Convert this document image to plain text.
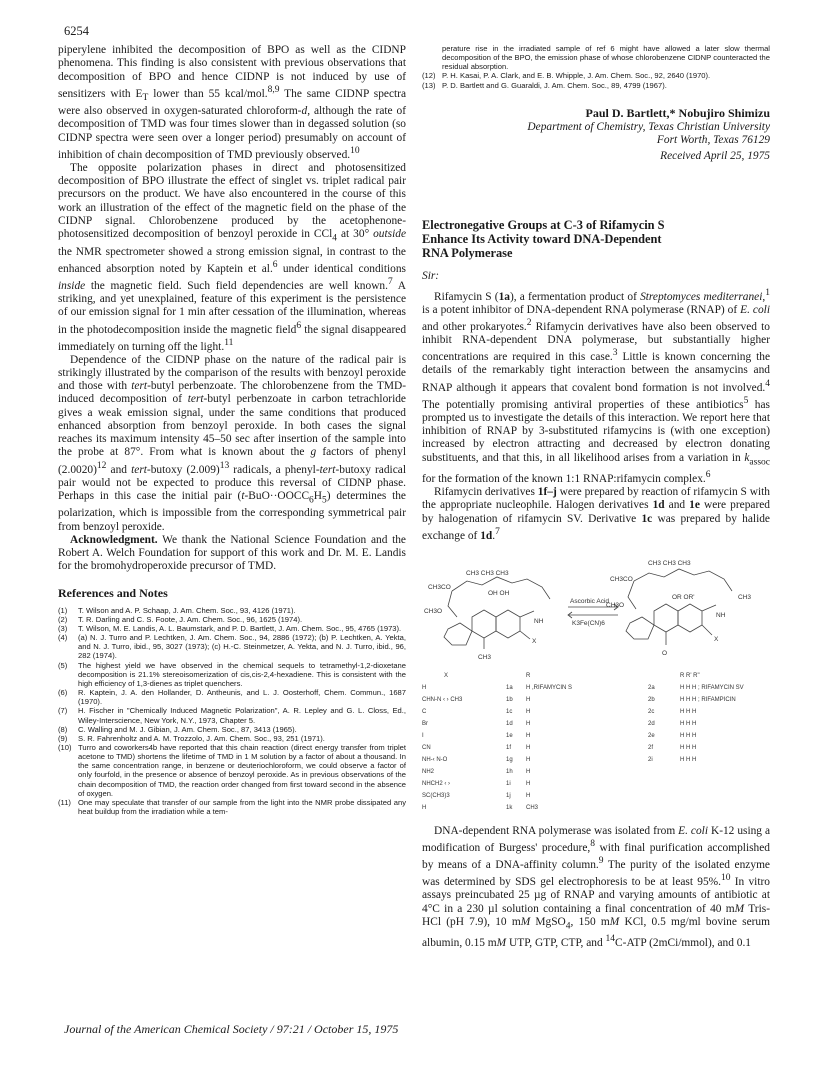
6254

piperylene inhibited the decomposition of BPO as well as the CIDNP phenomena. This finding is also consistent with previous observations that decomposition of BPO and hence CIDNP is not induced by use of sensitizers with $E_T$ lower than 55 kcal/mol.$^{8,9}$ The same CIDNP spectra were also observed in oxygen-saturated chloroform-d, although the rate of decomposition of TMD was four times slower than in degassed solution (so CIDNP spectra were seen over a longer period) presumably on account of inhibition of chain decomposition of TMD previously observed.$^{10}$

The opposite polarization phases in direct and photosensitized decomposition of BPO illustrate the effect of singlet vs. triplet radical pair precursors on the product. We have also encountered in the course of this work an illustration of the effect of the magnetic field on the phase of the CIDNP signal. Chlorobenzene produced by the acetophenone-photosensitized decomposition of benzoyl peroxide in CCl$_4$ at 30° outside the NMR spectrometer showed a strong emission signal, in contrast to the enhanced absorption noted by Kaptein et al.$^6$ under identical conditions inside the magnetic field. Such field dependencies are well known.$^7$ A striking, and yet unexplained, feature of this experiment is the persistence of our emission signal for 1 min after cessation of the illumination, whereas in the photodecomposition inside the magnetic field$^6$ the signal disappeared immediately on turning off the light.$^{11}$

Dependence of the CIDNP phase on the nature of the radical pair is strikingly illustrated by the comparison of the results with benzoyl peroxide and those with tert-butyl perbenzoate. The chlorobenzene from the TMD-induced decomposition of tert-butyl perbenzoate in carbon tetrachloride gives a weak emission signal, under the same conditions that produced enhanced absorption from benzoyl peroxide. In both cases the signal reaches its maximum intensity 45–50 sec after insertion of the sample into the probe at 87°. From what is known about the g factors of phenyl $(2.0020)^{12}$ and tert-butoxy $(2.009)^{13}$ radicals, a phenyl-tert-butoxy radical pair would not be expected to produce this reversal of CIDNP phase. Perhaps in this case the initial pair $(t-BuO\cdot\cdot OOCC_6H_5)$ determines the polarization, which is impossible from the corresponding symmetrical pair from benzoyl peroxide.

Acknowledgment. We thank the National Science Foundation and the Robert A. Welch Foundation for support of this work and Dr. M. E. Landis for the bromohydroperoxide precursor of TMD.

References and Notes
(1)	T. Wilson and A. P. Schaap, J. Am. Chem. Soc., 93, 4126 (1971).
(2)	T. R. Darling and C. S. Foote, J. Am. Chem. Soc., 96, 1625 (1974).
(3)	T. Wilson, M. E. Landis, A. L. Baumstark, and P. D. Bartlett, J. Am. Chem. Soc., 95, 4765 (1973).
(4)	(a) N. J. Turro and P. Lechtken, J. Am. Chem. Soc., 94, 2886 (1972); (b) P. Lechtken, A. Yekta, and N. J. Turro, ibid., 95, 3027 (1973); (c) H.-C. Steinmetzer, A. Yekta, and N. J. Turro, ibid., 96, 282 (1974).
(5)	The highest yield we have observed in the chemical sequels to tetramethyl-1,2-dioxetane decomposition is 21.1% stereoisomerization of cis,cis-2,4-hexadiene. This is consistent with the high efficiency of 1,3-dienes as triplet quenchers.
(6)	R. Kaptein, J. A. den Hollander, D. Antheunis, and L. J. Oosterhoff, Chem. Commun., 1687 (1970).
(7)	H. Fischer in "Chemically Induced Magnetic Polarization", A. R. Lepley and G. L. Closs, Ed., Wiley-Interscience, New York, N.Y., 1973, Chapter 5.
(8)	C. Walling and M. J. Gibian, J. Am. Chem. Soc., 87, 3413 (1965).
(9)	S. R. Fahrenholtz and A. M. Trozzolo, J. Am. Chem. Soc., 93, 251 (1971).
(10) Turro and coworkers4b have reported that this chain reaction (direct energy transfer from triplet acetone to TMD) shortens the lifetime of TMD in 1 M solution by a factor of about a thousand. In the same concentration range, in benzene or deuteriochloroform, we could observe a factor of only fourfold, in the presence or absence of benzoyl peroxide. As in previous observations of the chain decomposition of TMD, the reaction order changed from first toward second in the absence of oxygen.
(11) One may speculate that transfer of our sample from the light into the NMR probe dissipated any heat buildup from the irradiation while a tem-
perature rise in the irradiated sample of ref 6 might have allowed a later slow thermal decomposition of the BPO, the emission phase of whose chlorobenzene CIDNP counteracted the residual absorption.
(12) P. H. Kasai, P. A. Clark, and E. B. Whipple, J. Am. Chem. Soc., 92, 2640 (1970).
(13) P. D. Bartlett and G. Guaraldi, J. Am. Chem. Soc., 89, 4799 (1967).
Paul D. Bartlett,* Nobujiro Shimizu
Department of Chemistry, Texas Christian University
Fort Worth, Texas 76129
Received April 25, 1975
Electronegative Groups at C-3 of Rifamycin S
Enhance Its Activity toward DNA-Dependent
RNA Polymerase
Sir:

Rifamycin S (1a), a fermentation product of Streptomyces mediterranei,$^1$ is a potent inhibitor of DNA-dependent RNA polymerase (RNAP) of E. coli and other prokaryotes.$^2$ Rifamycin derivatives have also been observed to inhibit RNA-dependent DNA polymerase, but substantially higher concentrations are required in this case.$^3$ Little is known concerning the details of the remarkably tight interaction between the ansamycins and RNAP although it appears that covalent bond formation is not involved.$^4$ The potentially promising antiviral properties of these antibiotics$^5$ has prompted us to investigate the details of this interaction. We report here that inhibition of RNAP by 3-substituted rifamycins is (with one exception) increased by electron attracting and decreased by electron donating substituents, and that this, in all likelihood arises from a variation in $k_{assoc}$ for the formation of the known 1:1 RNAP:rifamycin complex.$^6$

Rifamycin derivatives 1f–j were prepared by reaction of rifamycin S with the appropriate nucleophile. Halogen derivatives 1d and 1e were prepared by halogenation of rifamycin SV. Derivative 1c was prepared by halide exchange of 1d.$^7$

CH3 CH3 CH3
CH3CO
OH OH
CH3O
NH
X
CH3
Ascorbic Acid
K3Fe(CN)6
CH3 CH3 CH3
CH3CO
CH3O
OR OR'
NH
X
CH3
O
X	R	R R' R"
H	1a H ,RIFAMYCIN S	2a	H H H ; RIFAMYCIN SV
CHN-N ‹ › CH3	1b H	2b	H H H ; RIFAMPICIN
C	1c H	2c	H H H
Br	1d H	2d	H H H
I	1e H	2e	H H H
CN	1f H	2f	H H H
NH-‹ N-O	1g H	2i	H H H
NH2	1h H
NHCH2 ‹ ›	1i	H
SC(CH3)3	1j	H
H	1k CH3

DNA-dependent RNA polymerase was isolated from E. coli K-12 using a modification of Burgess' procedure,$^8$ with final purification accomplished by means of a DNA-affinity column.$^9$ The purity of the isolated enzyme was determined by SDS gel electrophoresis to be at least 95%.$^{10}$ In vitro assays preincubated 25 µg of RNAP and varying amounts of antibiotic at 4°C in a 230 µl solution containing a final concentration of 40 mM Tris-HCl (pH 7.9), 10 mM MgSO$_4$, 150 mM KCl, 0.5 mg/ml bovine serum albumin, 0.15 mM UTP, GTP, CTP, and $^{14}$C-ATP (2mCi/mmol), and 0.1

Journal of the American Chemical Society / 97:21 / October 15, 1975
